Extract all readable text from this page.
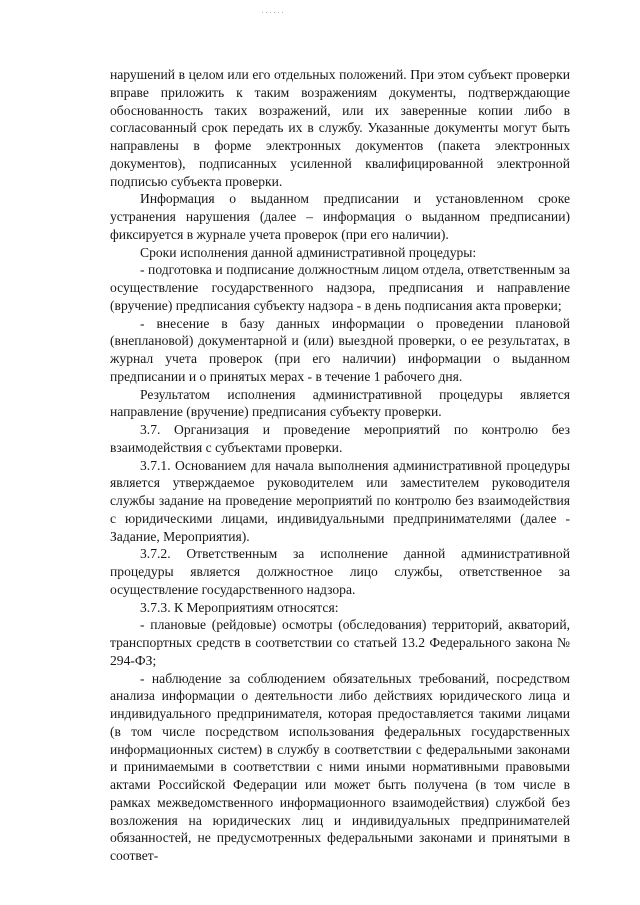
нарушений в целом или его отдельных положений. При этом субъект проверки вправе приложить к таким возражениям документы, подтверждающие обоснованность таких возражений, или их заверенные копии либо в согласованный срок передать их в службу. Указанные документы могут быть направлены в форме электронных документов (пакета электронных документов), подписанных усиленной квалифицированной электронной подписью субъекта проверки.

Информация о выданном предписании и установленном сроке устранения нарушения (далее – информация о выданном предписании) фиксируется в журнале учета проверок (при его наличии).

Сроки исполнения данной административной процедуры:

- подготовка и подписание должностным лицом отдела, ответственным за осуществление государственного надзора, предписания и направление (вручение) предписания субъекту надзора - в день подписания акта проверки;

- внесение в базу данных информации о проведении плановой (внеплановой) документарной и (или) выездной проверки, о ее результатах, в журнал учета проверок (при его наличии) информации о выданном предписании и о принятых мерах - в течение 1 рабочего дня.

Результатом исполнения административной процедуры является направление (вручение) предписания субъекту проверки.

3.7. Организация и проведение мероприятий по контролю без взаимодействия с субъектами проверки.

3.7.1. Основанием для начала выполнения административной процедуры является утверждаемое руководителем или заместителем руководителя службы задание на проведение мероприятий по контролю без взаимодействия с юридическими лицами, индивидуальными предпринимателями (далее - Задание, Мероприятия).

3.7.2. Ответственным за исполнение данной административной процедуры является должностное лицо службы, ответственное за осуществление государственного надзора.

3.7.3. К Мероприятиям относятся:

- плановые (рейдовые) осмотры (обследования) территорий, акваторий, транспортных средств в соответствии со статьей 13.2 Федерального закона № 294-ФЗ;

- наблюдение за соблюдением обязательных требований, посредством анализа информации о деятельности либо действиях юридического лица и индивидуального предпринимателя, которая предоставляется такими лицами (в том числе посредством использования федеральных государственных информационных систем) в службу в соответствии с федеральными законами и принимаемыми в соответствии с ними иными нормативными правовыми актами Российской Федерации или может быть получена (в том числе в рамках межведомственного информационного взаимодействия) службой без возложения на юридических лиц и индивидуальных предпринимателей обязанностей, не предусмотренных федеральными законами и принятыми в соответ-
